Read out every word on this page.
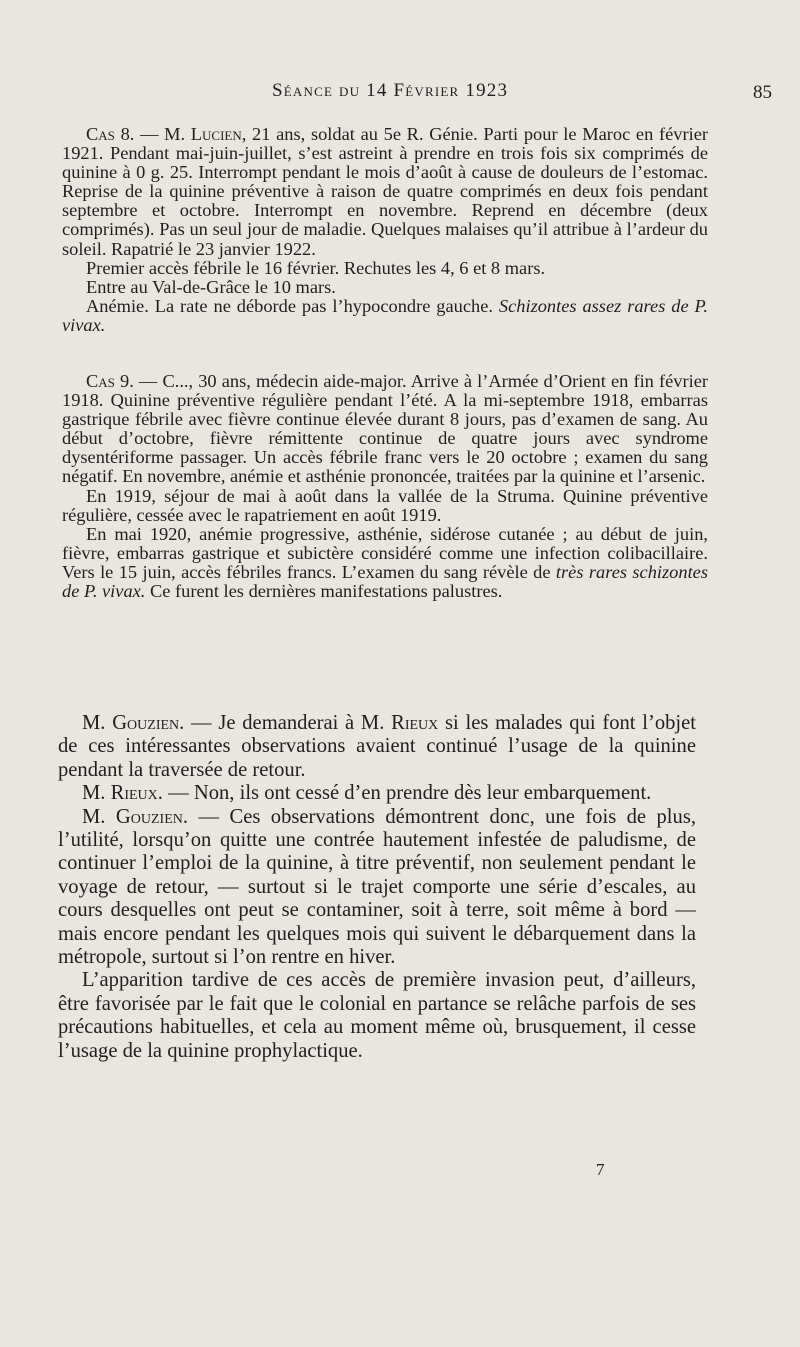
Séance du 14 Février 1923	85

Cas 8. — M. Lucien, 21 ans, soldat au 5e R. Génie. Parti pour le Maroc en février 1921. Pendant mai-juin-juillet, s’est astreint à prendre en trois fois six comprimés de quinine à 0 g. 25. Interrompt pendant le mois d’août à cause de douleurs de l’estomac. Reprise de la quinine préventive à raison de quatre comprimés en deux fois pendant septembre et octobre. Interrompt en novembre. Reprend en décembre (deux comprimés). Pas un seul jour de maladie. Quelques malaises qu’il attribue à l’ardeur du soleil. Rapatrié le 23 janvier 1922.

Premier accès fébrile le 16 février. Rechutes les 4, 6 et 8 mars.

Entre au Val-de-Grâce le 10 mars.

Anémie. La rate ne déborde pas l’hypocondre gauche. Schizontes assez rares de P. vivax.

Cas 9. — C..., 30 ans, médecin aide-major. Arrive à l’Armée d’Orient en fin février 1918. Quinine préventive régulière pendant l’été. A la mi-septembre 1918, embarras gastrique fébrile avec fièvre continue élevée durant 8 jours, pas d’examen de sang. Au début d’octobre, fièvre rémittente continue de quatre jours avec syndrome dysentériforme passager. Un accès fébrile franc vers le 20 octobre ; examen du sang négatif. En novembre, anémie et asthénie prononcée, traitées par la quinine et l’arsenic.

En 1919, séjour de mai à août dans la vallée de la Struma. Quinine préventive régulière, cessée avec le rapatriement en août 1919.

En mai 1920, anémie progressive, asthénie, sidérose cutanée ; au début de juin, fièvre, embarras gastrique et subictère considéré comme une infection colibacillaire. Vers le 15 juin, accès fébriles francs. L’examen du sang révèle de très rares schizontes de P. vivax. Ce furent les dernières manifestations palustres.

M. Gouzien. — Je demanderai à M. Rieux si les malades qui font l’objet de ces intéressantes observations avaient continué l’usage de la quinine pendant la traversée de retour.

M. Rieux. — Non, ils ont cessé d’en prendre dès leur embarquement.

M. Gouzien. — Ces observations démontrent donc, une fois de plus, l’utilité, lorsqu’on quitte une contrée hautement infestée de paludisme, de continuer l’emploi de la quinine, à titre préventif, non seulement pendant le voyage de retour, — surtout si le trajet comporte une série d’escales, au cours desquelles ont peut se contaminer, soit à terre, soit même à bord — mais encore pendant les quelques mois qui suivent le débarquement dans la métropole, surtout si l’on rentre en hiver.

L’apparition tardive de ces accès de première invasion peut, d’ailleurs, être favorisée par le fait que le colonial en partance se relâche parfois de ses précautions habituelles, et cela au moment même où, brusquement, il cesse l’usage de la quinine prophylactique.

7
